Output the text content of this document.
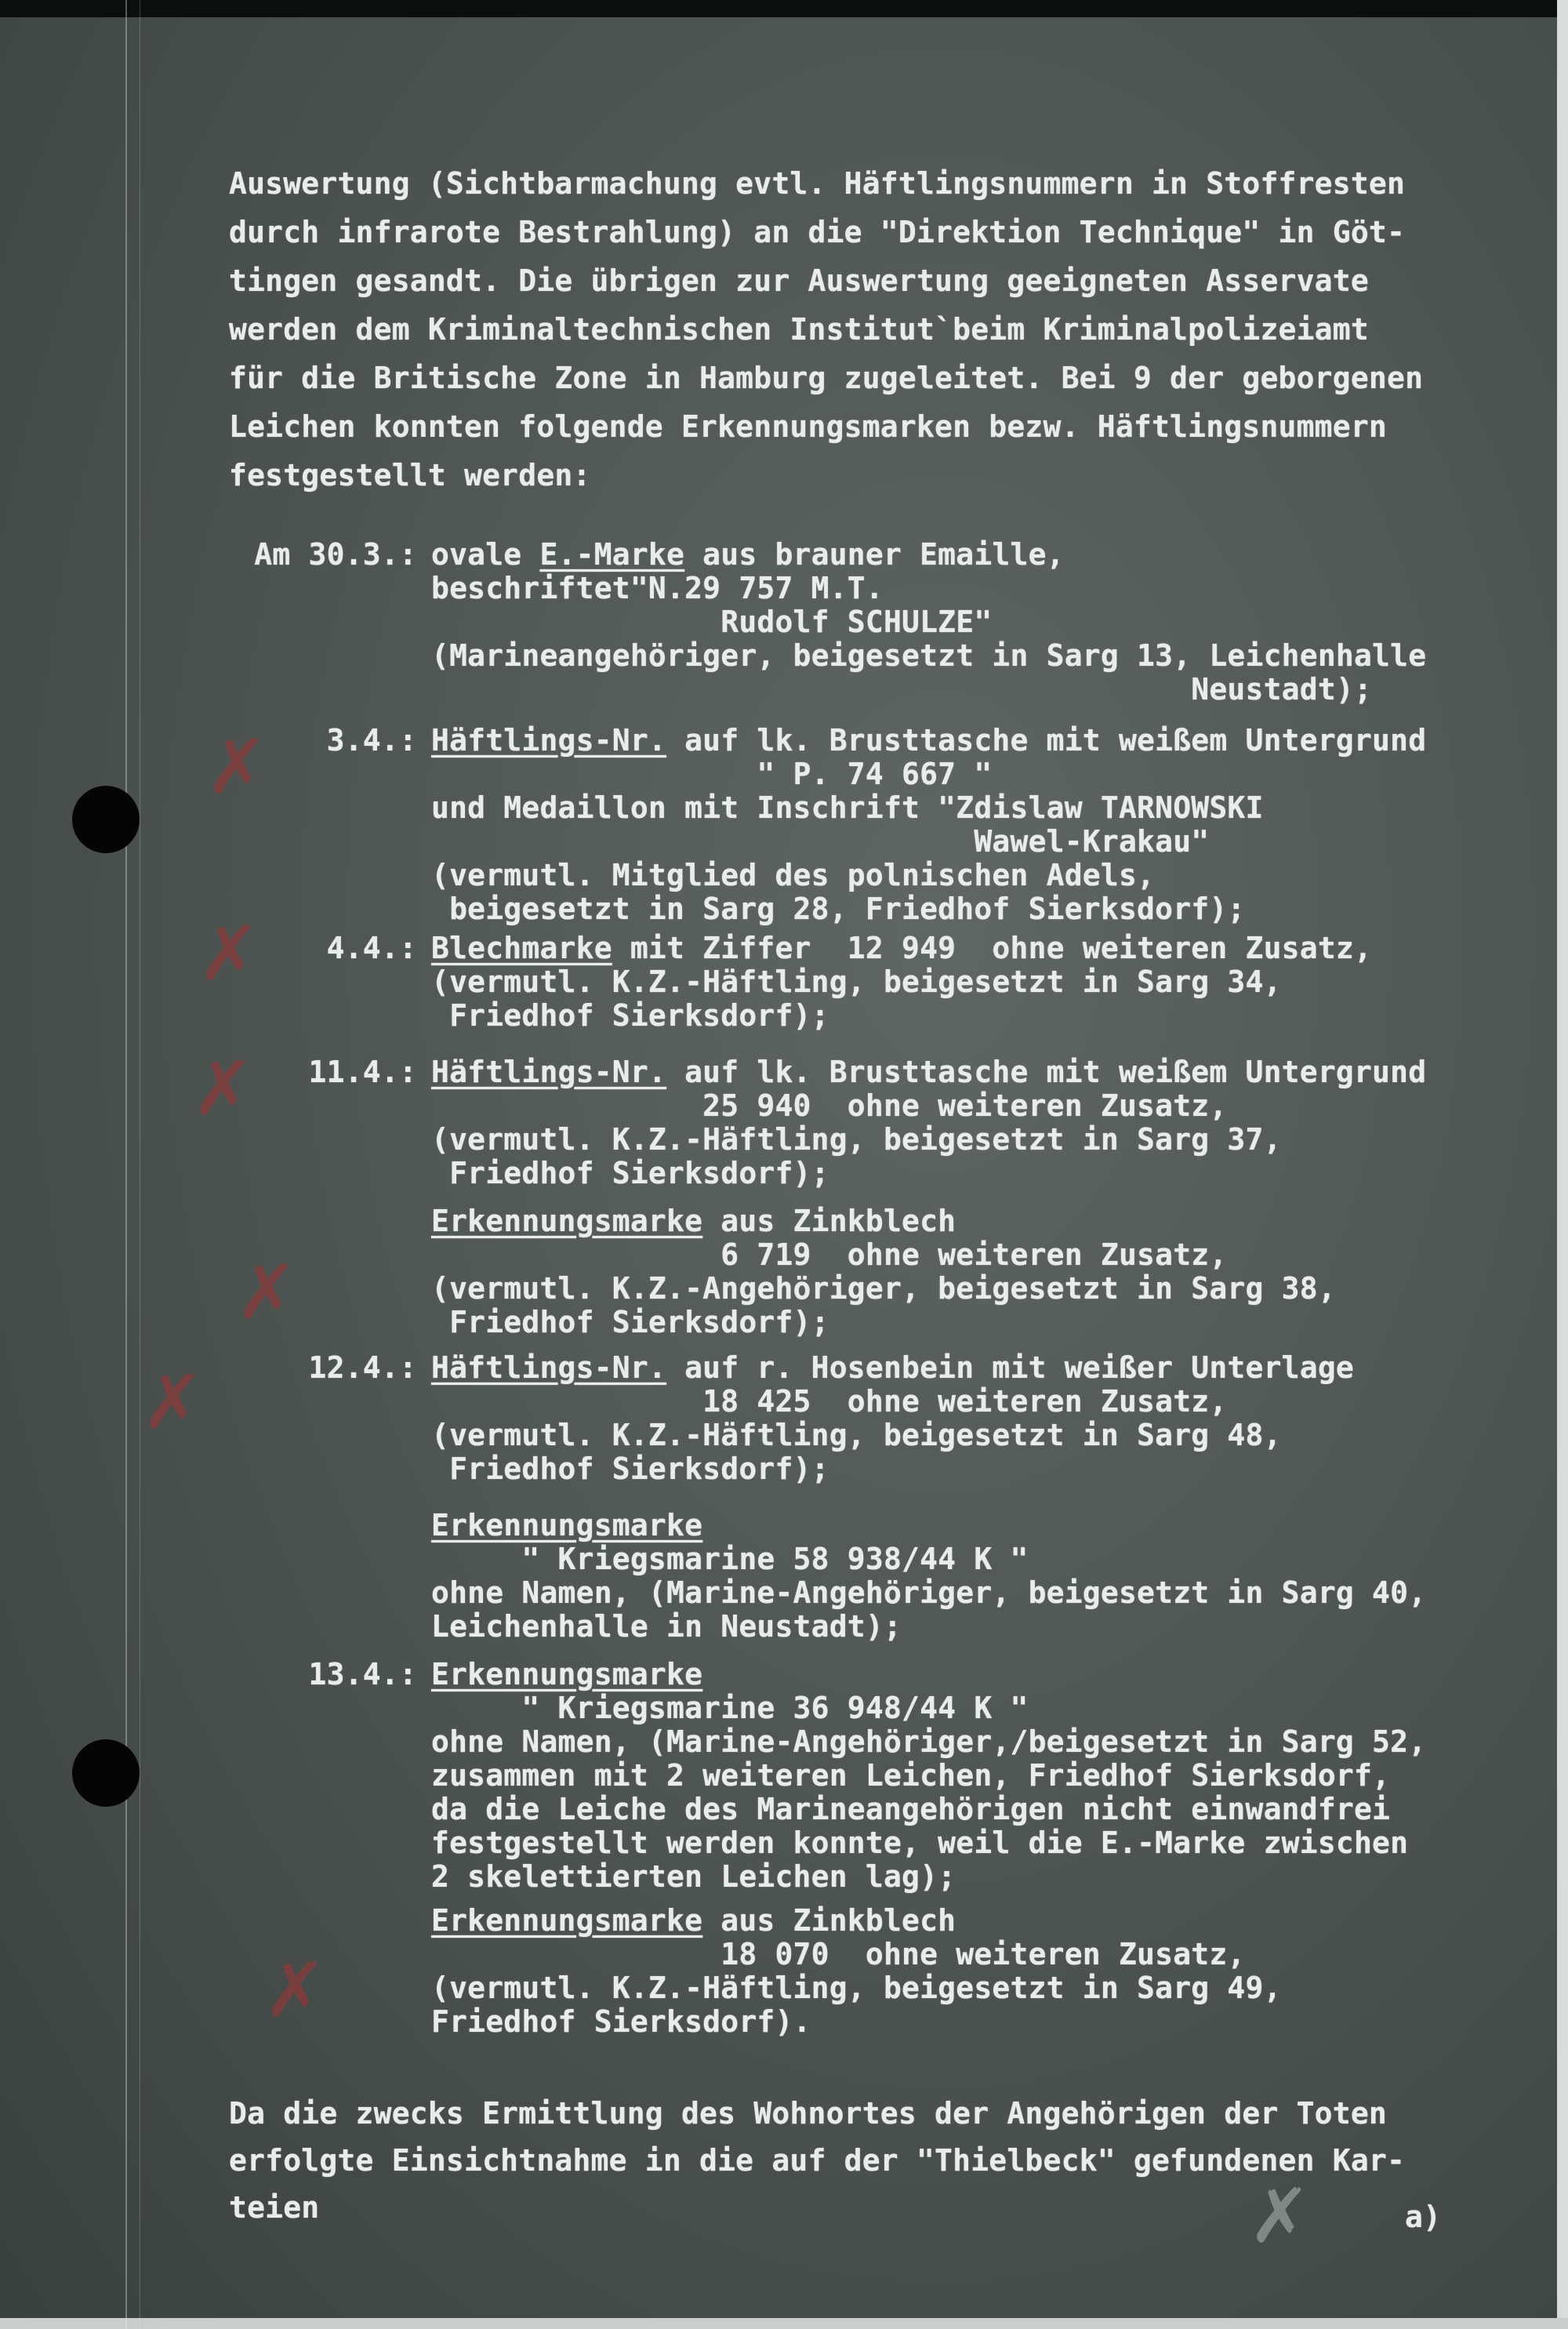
✗
✗
✗
✗
✗
✗
✗
Auswertung (Sichtbarmachung evtl. Häftlingsnummern in Stoffresten
durch infrarote Bestrahlung) an die "Direktion Technique" in Göt-
tingen gesandt. Die übrigen zur Auswertung geeigneten Asservate
werden dem Kriminaltechnischen Institut`beim Kriminalpolizeiamt
für die Britische Zone in Hamburg zugeleitet. Bei 9 der geborgenen
Leichen konnten folgende Erkennungsmarken bezw. Häftlingsnummern
festgestellt werden:
Am 30.3.: ovale E.-Marke aus brauner Emaille,
beschriftet"N.29 757 M.T.
Rudolf SCHULZE"
(Marineangehöriger, beigesetzt in Sarg 13, Leichenhalle
Neustadt);
3.4.: Häftlings-Nr. auf lk. Brusttasche mit weißem Untergrund
" P. 74 667 "
und Medaillon mit Inschrift "Zdislaw TARNOWSKI
Wawel-Krakau"
(vermutl. Mitglied des polnischen Adels,
beigesetzt in Sarg 28, Friedhof Sierksdorf);
4.4.: Blechmarke mit Ziffer  12 949  ohne weiteren Zusatz,
(vermutl. K.Z.-Häftling, beigesetzt in Sarg 34,
Friedhof Sierksdorf);
11.4.: Häftlings-Nr. auf lk. Brusttasche mit weißem Untergrund
25 940  ohne weiteren Zusatz,
(vermutl. K.Z.-Häftling, beigesetzt in Sarg 37,
Friedhof Sierksdorf);
Erkennungsmarke aus Zinkblech
6 719  ohne weiteren Zusatz,
(vermutl. K.Z.-Angehöriger, beigesetzt in Sarg 38,
Friedhof Sierksdorf);
12.4.: Häftlings-Nr. auf r. Hosenbein mit weißer Unterlage
18 425  ohne weiteren Zusatz,
(vermutl. K.Z.-Häftling, beigesetzt in Sarg 48,
Friedhof Sierksdorf);
Erkennungsmarke
" Kriegsmarine 58 938/44 K "
ohne Namen, (Marine-Angehöriger, beigesetzt in Sarg 40,
Leichenhalle in Neustadt);
13.4.: Erkennungsmarke
" Kriegsmarine 36 948/44 K "
ohne Namen, (Marine-Angehöriger,/beigesetzt in Sarg 52,
zusammen mit 2 weiteren Leichen, Friedhof Sierksdorf,
da die Leiche des Marineangehörigen nicht einwandfrei
festgestellt werden konnte, weil die E.-Marke zwischen
2 skelettierten Leichen lag);
Erkennungsmarke aus Zinkblech
18 070  ohne weiteren Zusatz,
(vermutl. K.Z.-Häftling, beigesetzt in Sarg 49,
Friedhof Sierksdorf).
Da die zwecks Ermittlung des Wohnortes der Angehörigen der Toten
erfolgte Einsichtnahme in die auf der "Thielbeck" gefundenen Kar-
teien	a)
